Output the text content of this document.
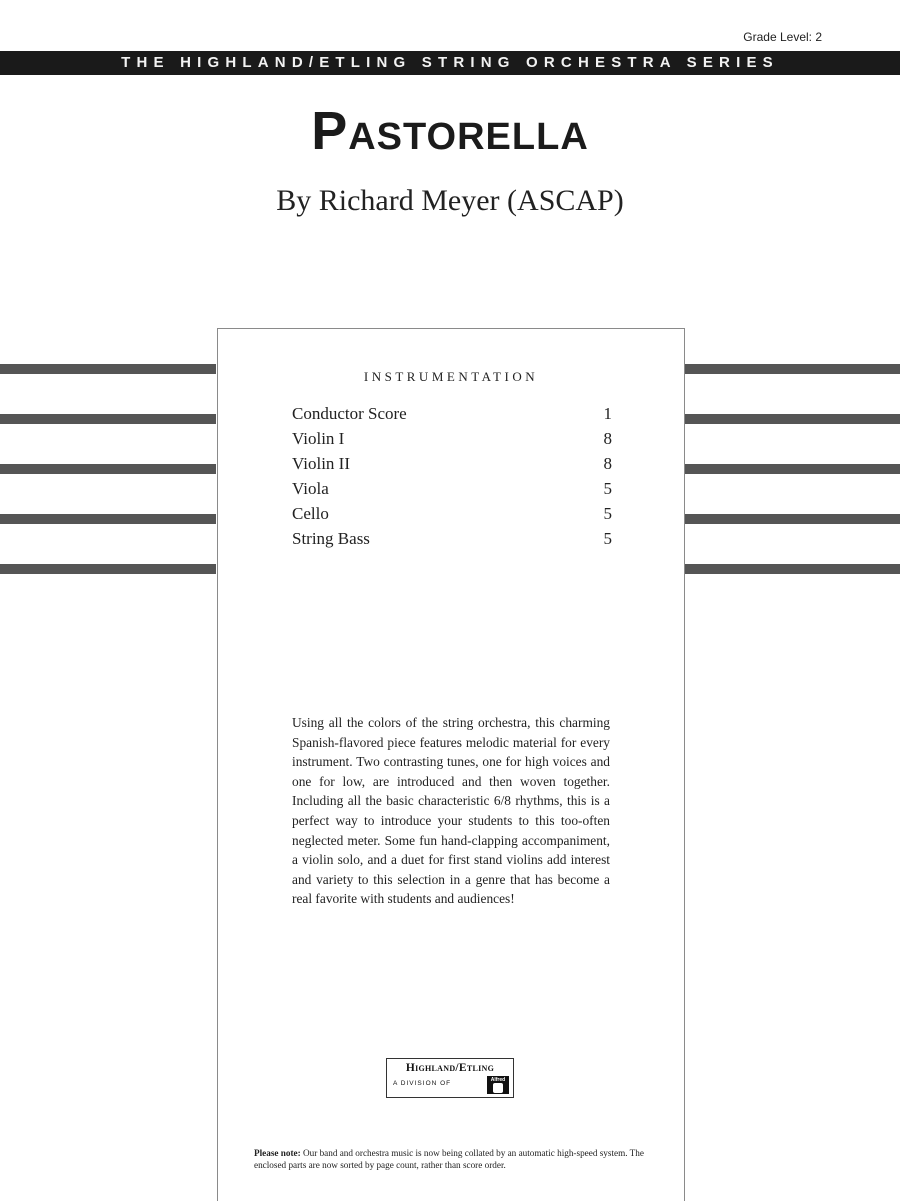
Grade Level: 2
THE HIGHLAND/ETLING STRING ORCHESTRA SERIES
Pastorella
By Richard Meyer (ASCAP)
INSTRUMENTATION
Conductor Score	1
Violin I	8
Violin II	8
Viola	5
Cello	5
String Bass	5

Using all the colors of the string orchestra, this charming Spanish-flavored piece features melodic material for every instrument. Two contrasting tunes, one for high voices and one for low, are introduced and then woven together. Including all the basic characteristic 6/8 rhythms, this is a perfect way to introduce your students to this too-often neglected meter. Some fun hand-clapping accompaniment, a violin solo, and a duet for first stand violins add interest and variety to this selection in a genre that has become a real favorite with students and audiences!

Highland/Etling
A DIVISION OF	Alfred

Please note: Our band and orchestra music is now being collated by an automatic high-speed system. The enclosed parts are now sorted by page count, rather than score order.
